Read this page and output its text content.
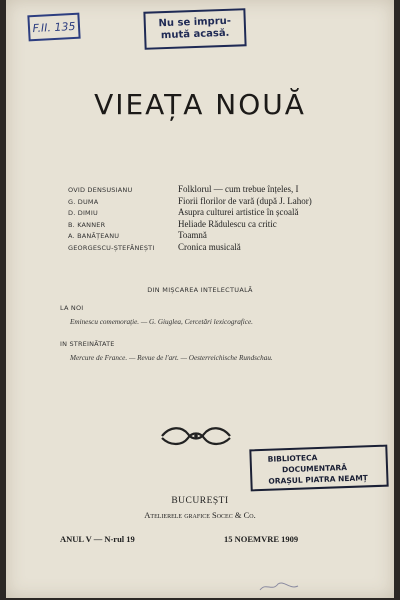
F.II. 135	Nu se impru-
mută acasă.
VIEAȚA NOUĂ
OVID DENSUSIANU	Folklorul — cum trebue înțeles, I
G. DUMA	Fiorii florilor de vară (după J. Lahor)
D. DIMIU	Asupra culturei artistice în școală
B. KANNER	Heliade Rădulescu ca critic
A. BANĂȚEANU	Toamnă
GEORGESCU-ȘTEFĂNEȘTI	Cronica musicală
DIN MIȘCAREA INTELECTUALĂ
LA NOI
Eminescu comemorație. — G. Giuglea, Cercetări lexicografice.
IN STREINĂTATE
Mercure de France. — Revue de l'art. — Oesterreichische Rundschau.
BIBLIOTECA
DOCUMENTARĂ
ORAȘUL PIATRA NEAMȚ
BUCUREȘTI
Atelierele grafice Socec & Co.
ANUL V — N-rul 19	15 NOEMVRE 1909
